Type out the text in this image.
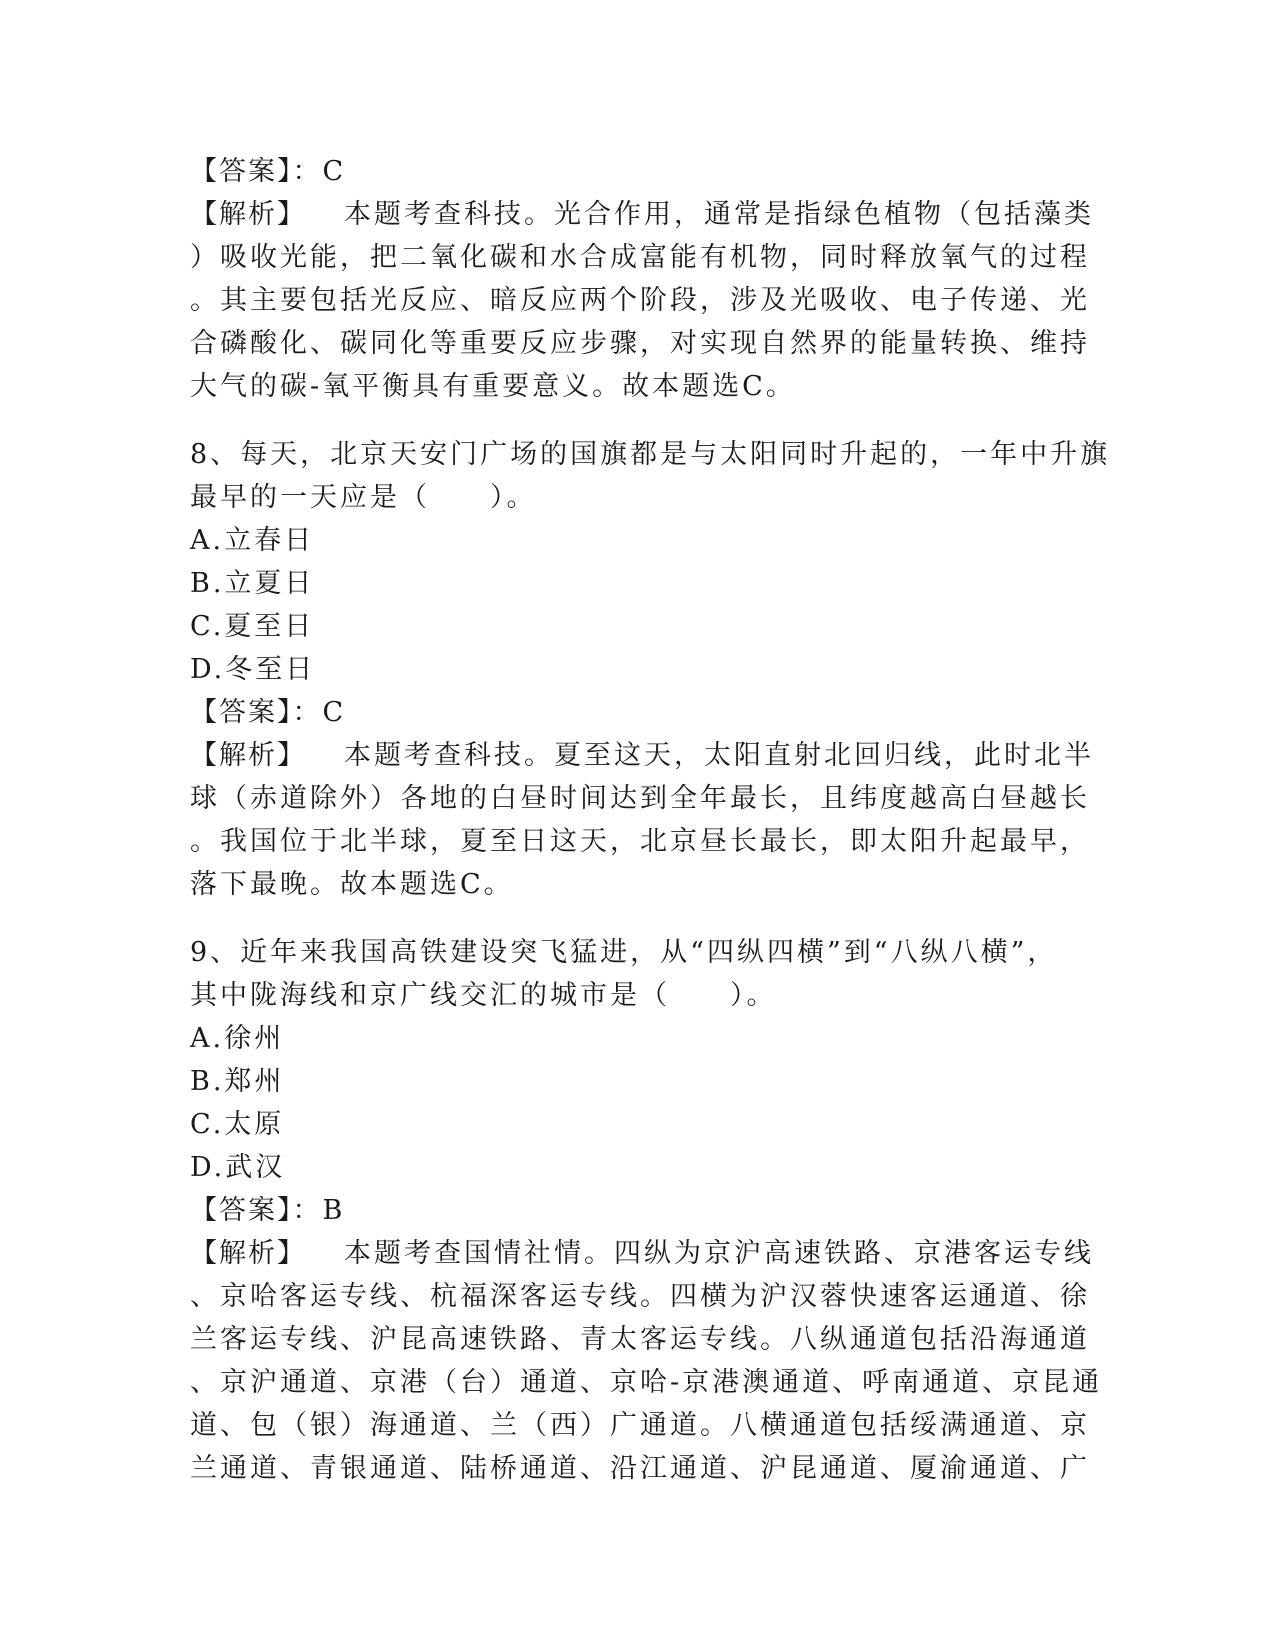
【答案】：C
【解析】 本题考查科技。光合作用，通常是指绿色植物（包括藻类
）吸收光能，把二氧化碳和水合成富能有机物，同时释放氧气的过程
。其主要包括光反应、暗反应两个阶段，涉及光吸收、电子传递、光
合磷酸化、碳同化等重要反应步骤，对实现自然界的能量转换、维持
大气的碳-氧平衡具有重要意义。故本题选C。
8、每天，北京天安门广场的国旗都是与太阳同时升起的，一年中升旗
最早的一天应是（　　）。
A.立春日
B.立夏日
C.夏至日
D.冬至日
【答案】：C
【解析】 本题考查科技。夏至这天，太阳直射北回归线，此时北半
球（赤道除外）各地的白昼时间达到全年最长，且纬度越高白昼越长
。我国位于北半球，夏至日这天，北京昼长最长，即太阳升起最早，
落下最晚。故本题选C。
9、近年来我国高铁建设突飞猛进，从“四纵四横”到“八纵八横”，
其中陇海线和京广线交汇的城市是（　　）。
A.徐州
B.郑州
C.太原
D.武汉
【答案】：B
【解析】 本题考查国情社情。四纵为京沪高速铁路、京港客运专线
、京哈客运专线、杭福深客运专线。四横为沪汉蓉快速客运通道、徐
兰客运专线、沪昆高速铁路、青太客运专线。八纵通道包括沿海通道
、京沪通道、京港（台）通道、京哈-京港澳通道、呼南通道、京昆通
道、包（银）海通道、兰（西）广通道。八横通道包括绥满通道、京
兰通道、青银通道、陆桥通道、沿江通道、沪昆通道、厦渝通道、广
